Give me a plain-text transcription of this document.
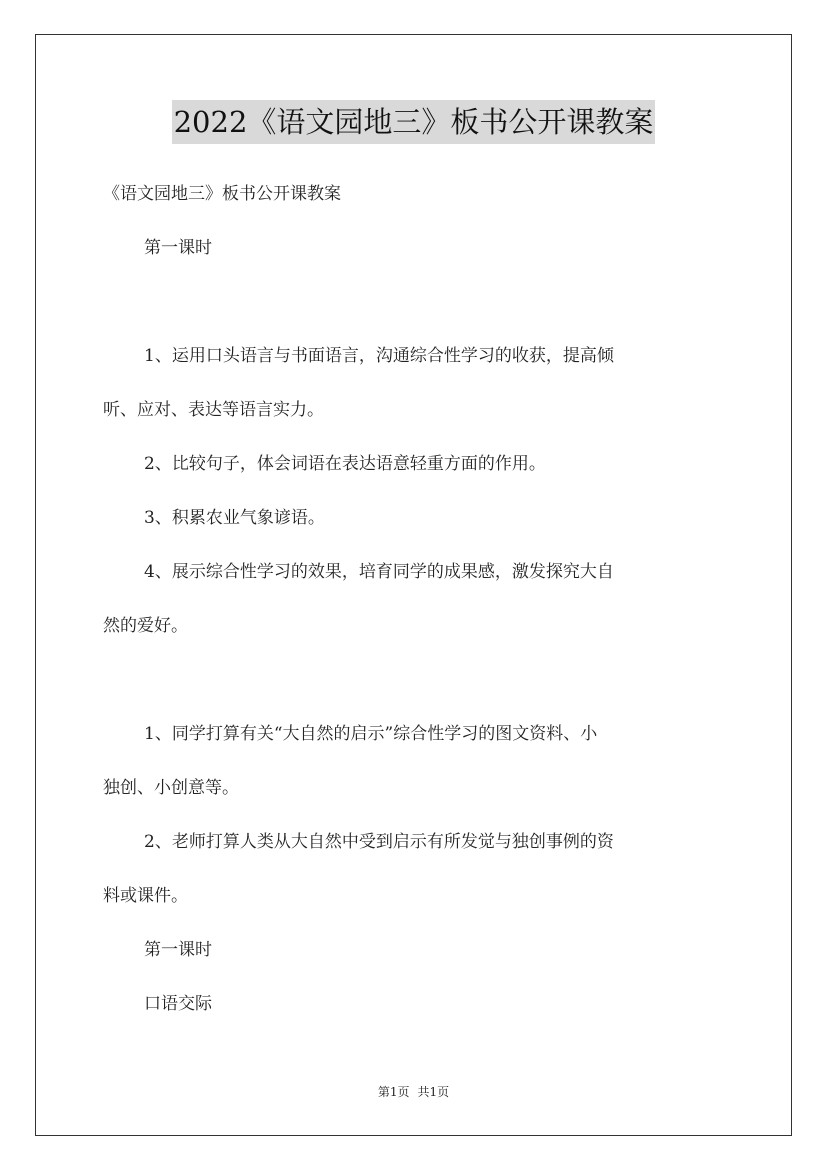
2022《语文园地三》板书公开课教案
《语文园地三》板书公开课教案
第一课时
1、运用口头语言与书面语言，沟通综合性学习的收获，提高倾
听、应对、表达等语言实力。
2、比较句子，体会词语在表达语意轻重方面的作用。
3、积累农业气象谚语。
4、展示综合性学习的效果，培育同学的成果感，激发探究大自
然的爱好。
1、同学打算有关“大自然的启示”综合性学习的图文资料、小
独创、小创意等。
2、老师打算人类从大自然中受到启示有所发觉与独创事例的资
料或课件。
第一课时
口语交际
第1页 共1页
